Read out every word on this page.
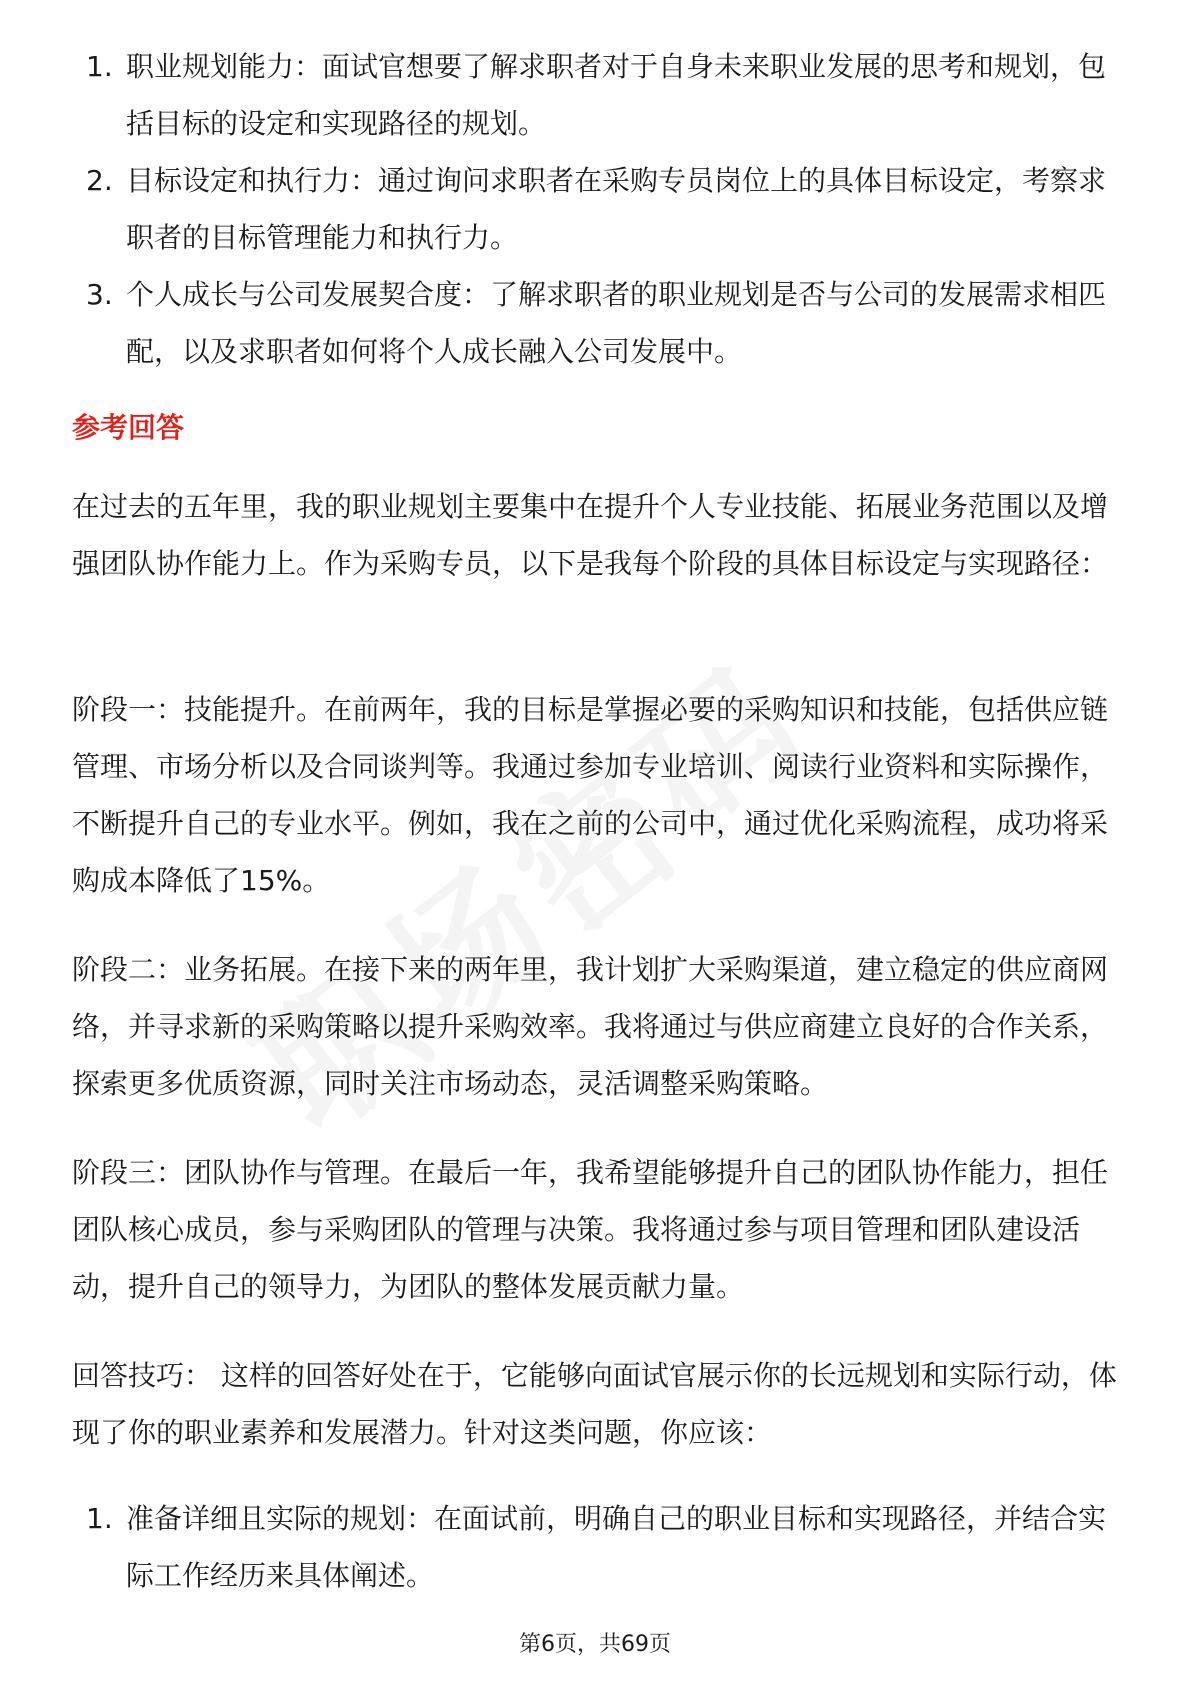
1. 职业规划能力：面试官想要了解求职者对于自身未来职业发展的思考和规划，包括目标的设定和实现路径的规划。
2. 目标设定和执行力：通过询问求职者在采购专员岗位上的具体目标设定，考察求职者的目标管理能力和执行力。
3. 个人成长与公司发展契合度：了解求职者的职业规划是否与公司的发展需求相匹配，以及求职者如何将个人成长融入公司发展中。
参考回答

在过去的五年里，我的职业规划主要集中在提升个人专业技能、拓展业务范围以及增强团队协作能力上。作为采购专员，以下是我每个阶段的具体目标设定与实现路径：

阶段一：技能提升。在前两年，我的目标是掌握必要的采购知识和技能，包括供应链管理、市场分析以及合同谈判等。我通过参加专业培训、阅读行业资料和实际操作，不断提升自己的专业水平。例如，我在之前的公司中，通过优化采购流程，成功将采购成本降低了15%。

阶段二：业务拓展。在接下来的两年里，我计划扩大采购渠道，建立稳定的供应商网络，并寻求新的采购策略以提升采购效率。我将通过与供应商建立良好的合作关系，探索更多优质资源，同时关注市场动态，灵活调整采购策略。

阶段三：团队协作与管理。在最后一年，我希望能够提升自己的团队协作能力，担任团队核心成员，参与采购团队的管理与决策。我将通过参与项目管理和团队建设活动，提升自己的领导力，为团队的整体发展贡献力量。

回答技巧： 这样的回答好处在于，它能够向面试官展示你的长远规划和实际行动，体现了你的职业素养和发展潜力。针对这类问题，你应该：

1. 准备详细且实际的规划：在面试前，明确自己的职业目标和实现路径，并结合实际工作经历来具体阐述。
第6页，共69页
